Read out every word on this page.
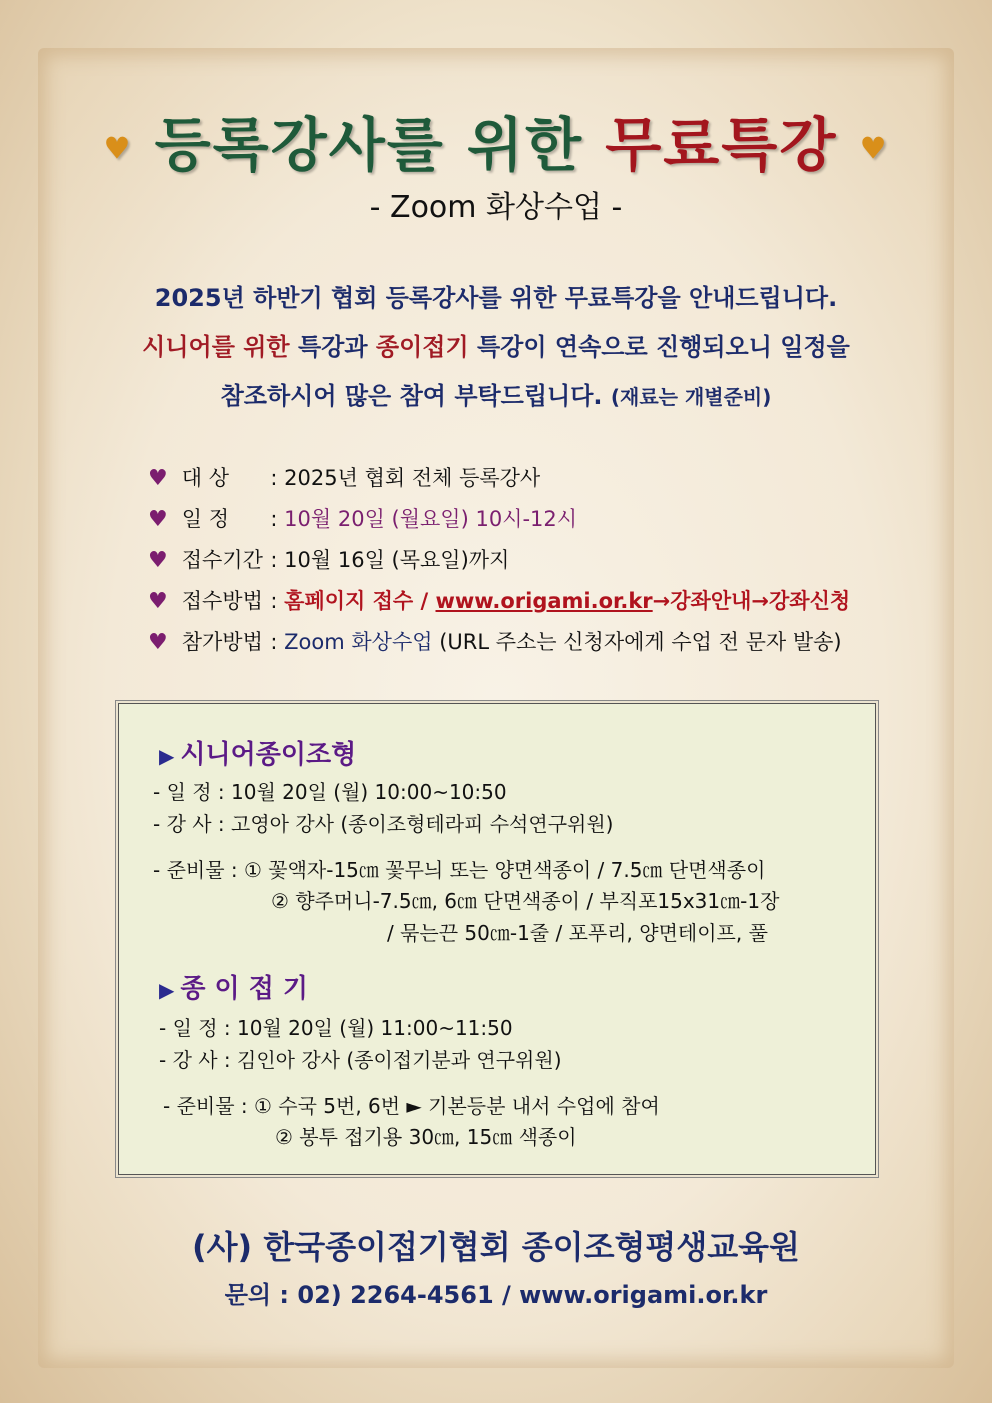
♥ 등록강사를 위한 무료특강 ♥
- Zoom 화상수업 -
2025년 하반기 협회 등록강사를 위한 무료특강을 안내드립니다.
시니어를 위한 특강과 종이접기 특강이 연속으로 진행되오니 일정을
참조하시어 많은 참여 부탁드립니다. (재료는 개별준비)
♥ 대 상 : 2025년 협회 전체 등록강사
♥ 일 정 : 10월 20일 (월요일) 10시-12시
♥ 접수기간 : 10월 16일 (목요일)까지
♥ 접수방법 : 홈페이지 접수 / www.origami.or.kr→강좌안내→강좌신청
♥ 참가방법 : Zoom 화상수업 (URL 주소는 신청자에게 수업 전 문자 발송)
▶ 시니어종이조형
- 일 정 : 10월 20일 (월) 10:00~10:50
- 강 사 : 고영아 강사 (종이조형테라피 수석연구위원)
- 준비물 : ① 꽃액자-15㎝ 꽃무늬 또는 양면색종이 / 7.5㎝ 단면색종이
② 향주머니-7.5㎝, 6㎝ 단면색종이 / 부직포15x31㎝-1장
/ 묶는끈 50㎝-1줄 / 포푸리, 양면테이프, 풀
▶ 종 이 접 기
- 일 정 : 10월 20일 (월) 11:00~11:50
- 강 사 : 김인아 강사 (종이접기분과 연구위원)
- 준비물 : ① 수국 5번, 6번 ► 기본등분 내서 수업에 참여
② 봉투 접기용 30㎝, 15㎝ 색종이
(사) 한국종이접기협회 종이조형평생교육원
문의 : 02) 2264-4561 / www.origami.or.kr
